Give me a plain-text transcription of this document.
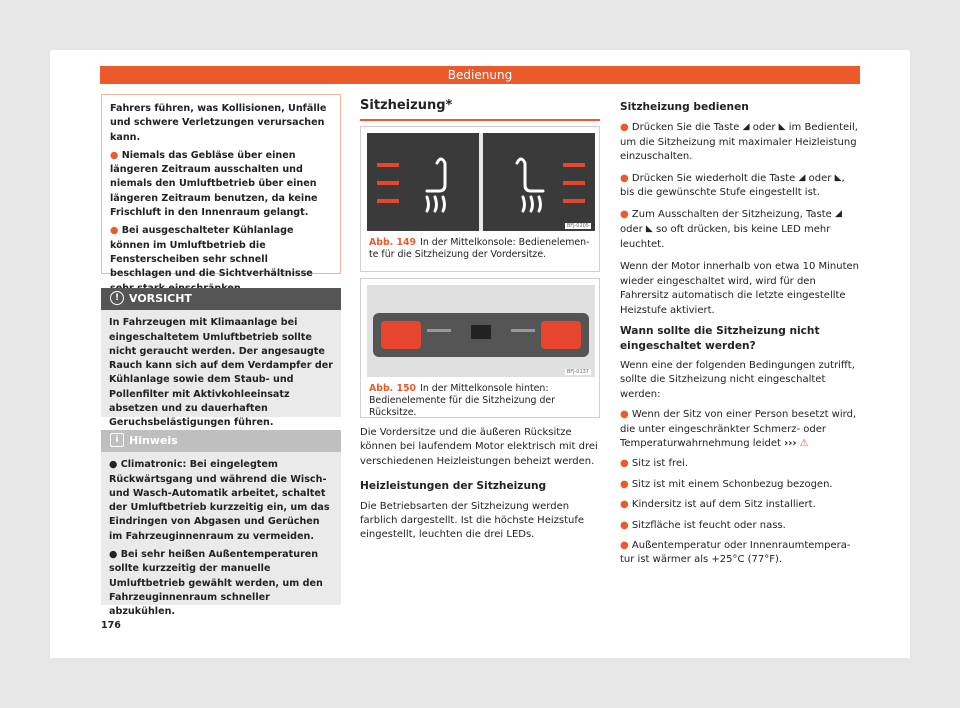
Bedienung

Fahrers führen, was Kollisionen, Unfälle und schwere Verletzungen verursachen kann.

● Niemals das Gebläse über einen längeren Zeitraum ausschalten und niemals den Umluftbetrieb über einen längeren Zeitraum benutzen, da keine Frischluft in den Innenraum gelangt.

● Bei ausgeschalteter Kühlanlage können im Umluftbetrieb die Fensterscheiben sehr schnell beschlagen und die Sichtverhältnisse

! VORSICHT
In Fahrzeugen mit Klimaanlage bei eingeschaltetem Umluftbetrieb sollte nicht geraucht werden. Der angesaugte Rauch kann sich auf dem Verdampfer der Kühlanlage sowie dem Staub- und Pollenfilter mit Aktivkohleeinsatz absetzen und zu dauerhaften Geruchsbelästigungen führen.
i Hinweis

● Climatronic: Bei eingelegtem Rückwärtsgang und während die Wisch- und Wasch-Automatik arbeitet, schaltet der Umluftbetrieb kurzzeitig ein, um das Eindringen von Abgasen und Gerüchen im Fahrzeuginnenraum zu vermeiden.

● Bei sehr heißen Außentemperaturen sollte kurzzeitig der manuelle Umluftbetrieb gewählt werden, um den Fahrzeuginnenraum schneller abzukühlen.

176
Sitzheizung*
BFJ-0205
Abb. 149 In der Mittelkonsole: Bedienelemente für die Sitzheizung der Vordersitze.
BFJ-0137
Abb. 150 In der Mittelkonsole hinten: Bedienelemente für die Sitzheizung der Rücksitze.

Die Vordersitze und die äußeren Rücksitze können bei laufendem Motor elektrisch mit drei verschiedenen Heizleistungen beheizt werden.

Heizleistungen der Sitzheizung

Die Betriebsarten der Sitzheizung werden farblich dargestellt. Ist die höchste Heizstufe eingestellt, leuchten die drei LEDs.

Sitzheizung bedienen

● Drücken Sie die Taste ◢ oder ◣ im Bedienteil, um die Sitzheizung mit maximaler Heizleistung einzuschalten.

● Drücken Sie wiederholt die Taste ◢ oder ◣, bis die gewünschte Stufe eingestellt ist.

● Zum Ausschalten der Sitzheizung, Taste ◢ oder ◣ so oft drücken, bis keine LED mehr leuchtet.

Wenn der Motor innerhalb von etwa 10 Minuten wieder eingeschaltet wird, wird für den Fahrersitz automatisch die letzte eingestellte Heizstufe aktiviert.

Wann sollte die Sitzheizung nicht eingeschaltet werden?

Wenn eine der folgenden Bedingungen zutrifft, sollte die Sitzheizung nicht eingeschaltet werden:

● Wenn der Sitz von einer Person besetzt wird, die unter eingeschränkter Schmerz- oder Temperaturwahrnehmung leidet ››› ⚠

● Sitz ist frei.

● Sitz ist mit einem Schonbezug bezogen.

● Kindersitz ist auf dem Sitz installiert.

● Sitzfläche ist feucht oder nass.

● Außentemperatur oder Innenraumtemperatur ist wärmer als +25°C (77°F).
